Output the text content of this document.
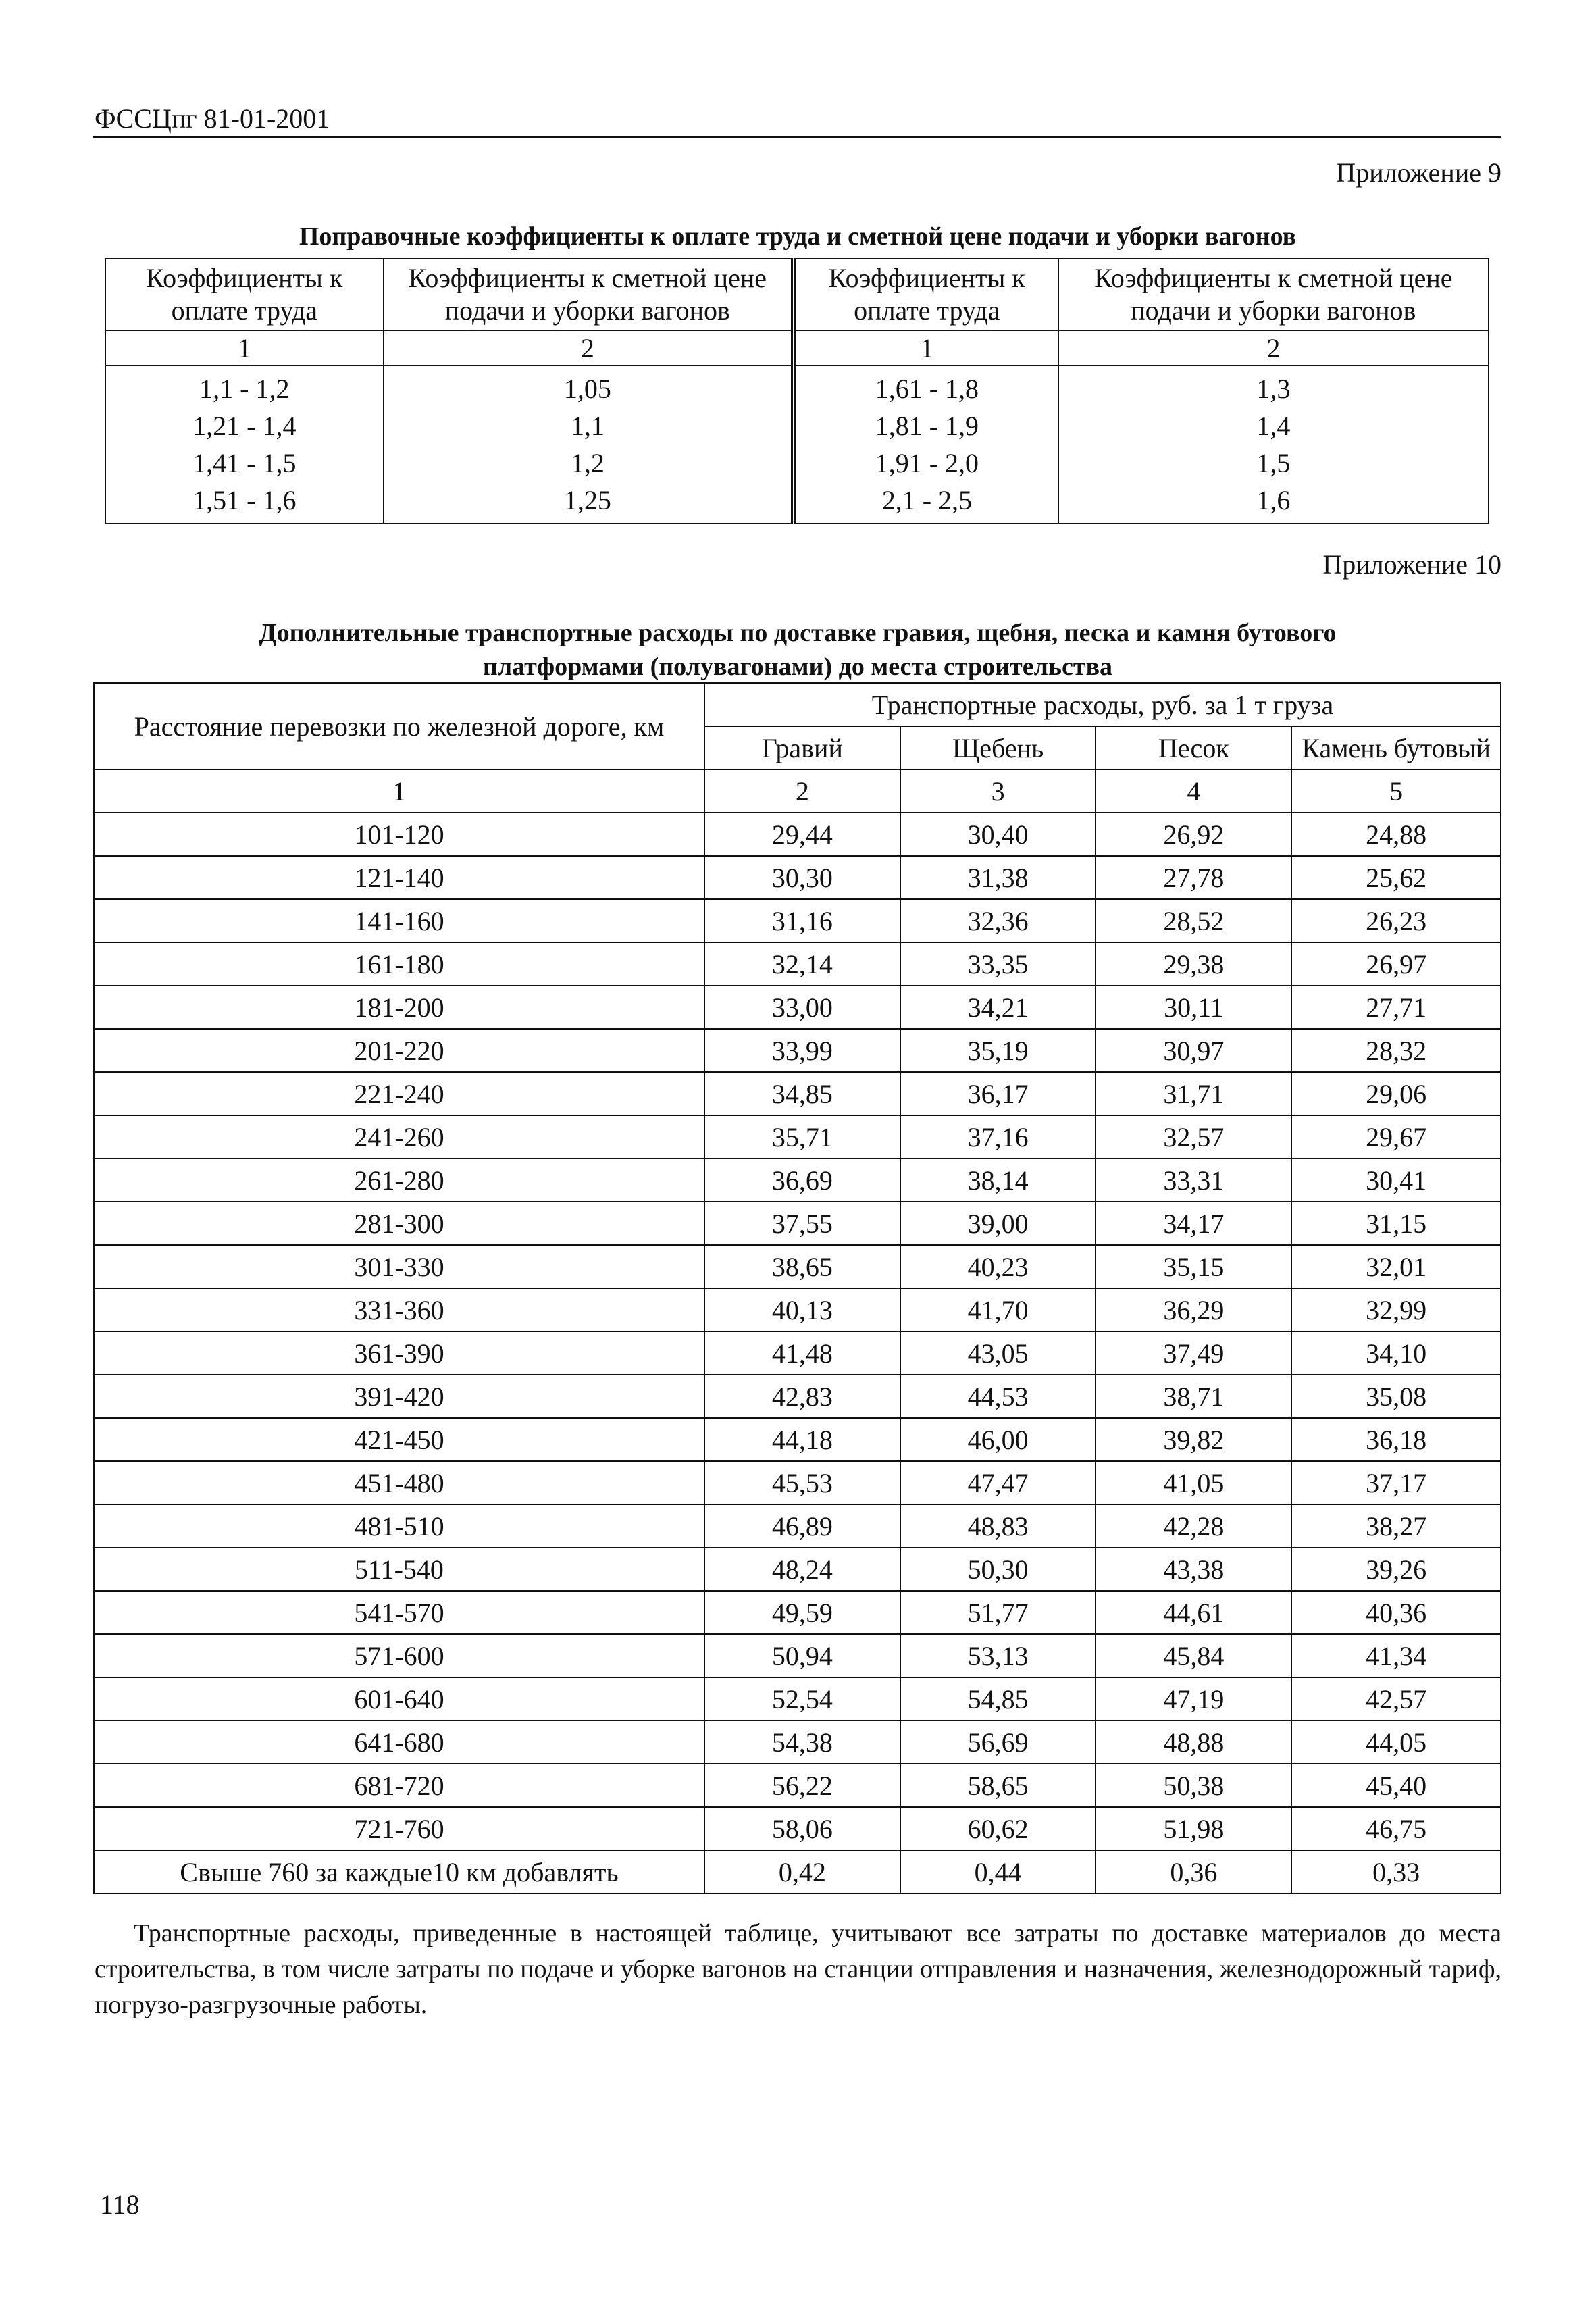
ФССЦпг 81-01-2001
Приложение 9
Поправочные коэффициенты к оплате труда и сметной цене подачи и уборки вагонов
Коэффициенты к оплате труда	Коэффициенты к сметной цене подачи и уборки вагонов	Коэффициенты к оплате труда	Коэффициенты к сметной цене подачи и уборки вагонов
1	2	1	2
1,1 - 1,2	1,05	1,61 - 1,8	1,3
1,21 - 1,4	1,1	1,81 - 1,9	1,4
1,41 - 1,5	1,2	1,91 - 2,0	1,5
1,51 - 1,6	1,25	2,1 - 2,5	1,6
Приложение 10
Дополнительные транспортные расходы по доставке гравия, щебня, песка и камня бутового
платформами (полувагонами) до места строительства
Расстояние перевозки по железной дороге, км	Транспортные расходы, руб. за 1 т груза			
	Гравий	Щебень	Песок	Камень бутовый
1	2	3	4	5
101-120	29,44	30,40	26,92	24,88
121-140	30,30	31,38	27,78	25,62
141-160	31,16	32,36	28,52	26,23
161-180	32,14	33,35	29,38	26,97
181-200	33,00	34,21	30,11	27,71
201-220	33,99	35,19	30,97	28,32
221-240	34,85	36,17	31,71	29,06
241-260	35,71	37,16	32,57	29,67
261-280	36,69	38,14	33,31	30,41
281-300	37,55	39,00	34,17	31,15
301-330	38,65	40,23	35,15	32,01
331-360	40,13	41,70	36,29	32,99
361-390	41,48	43,05	37,49	34,10
391-420	42,83	44,53	38,71	35,08
421-450	44,18	46,00	39,82	36,18
451-480	45,53	47,47	41,05	37,17
481-510	46,89	48,83	42,28	38,27
511-540	48,24	50,30	43,38	39,26
541-570	49,59	51,77	44,61	40,36
571-600	50,94	53,13	45,84	41,34
601-640	52,54	54,85	47,19	42,57
641-680	54,38	56,69	48,88	44,05
681-720	56,22	58,65	50,38	45,40
721-760	58,06	60,62	51,98	46,75
Свыше 760 за каждые10 км добавлять	0,42	0,44	0,36	0,33
Транспортные расходы, приведенные в настоящей таблице, учитывают все затраты по доставке материалов до места строительства, в том числе затраты по подаче и уборке вагонов на станции отправления и назначения, железнодорожный тариф, погрузо-разгрузочные работы.
118
